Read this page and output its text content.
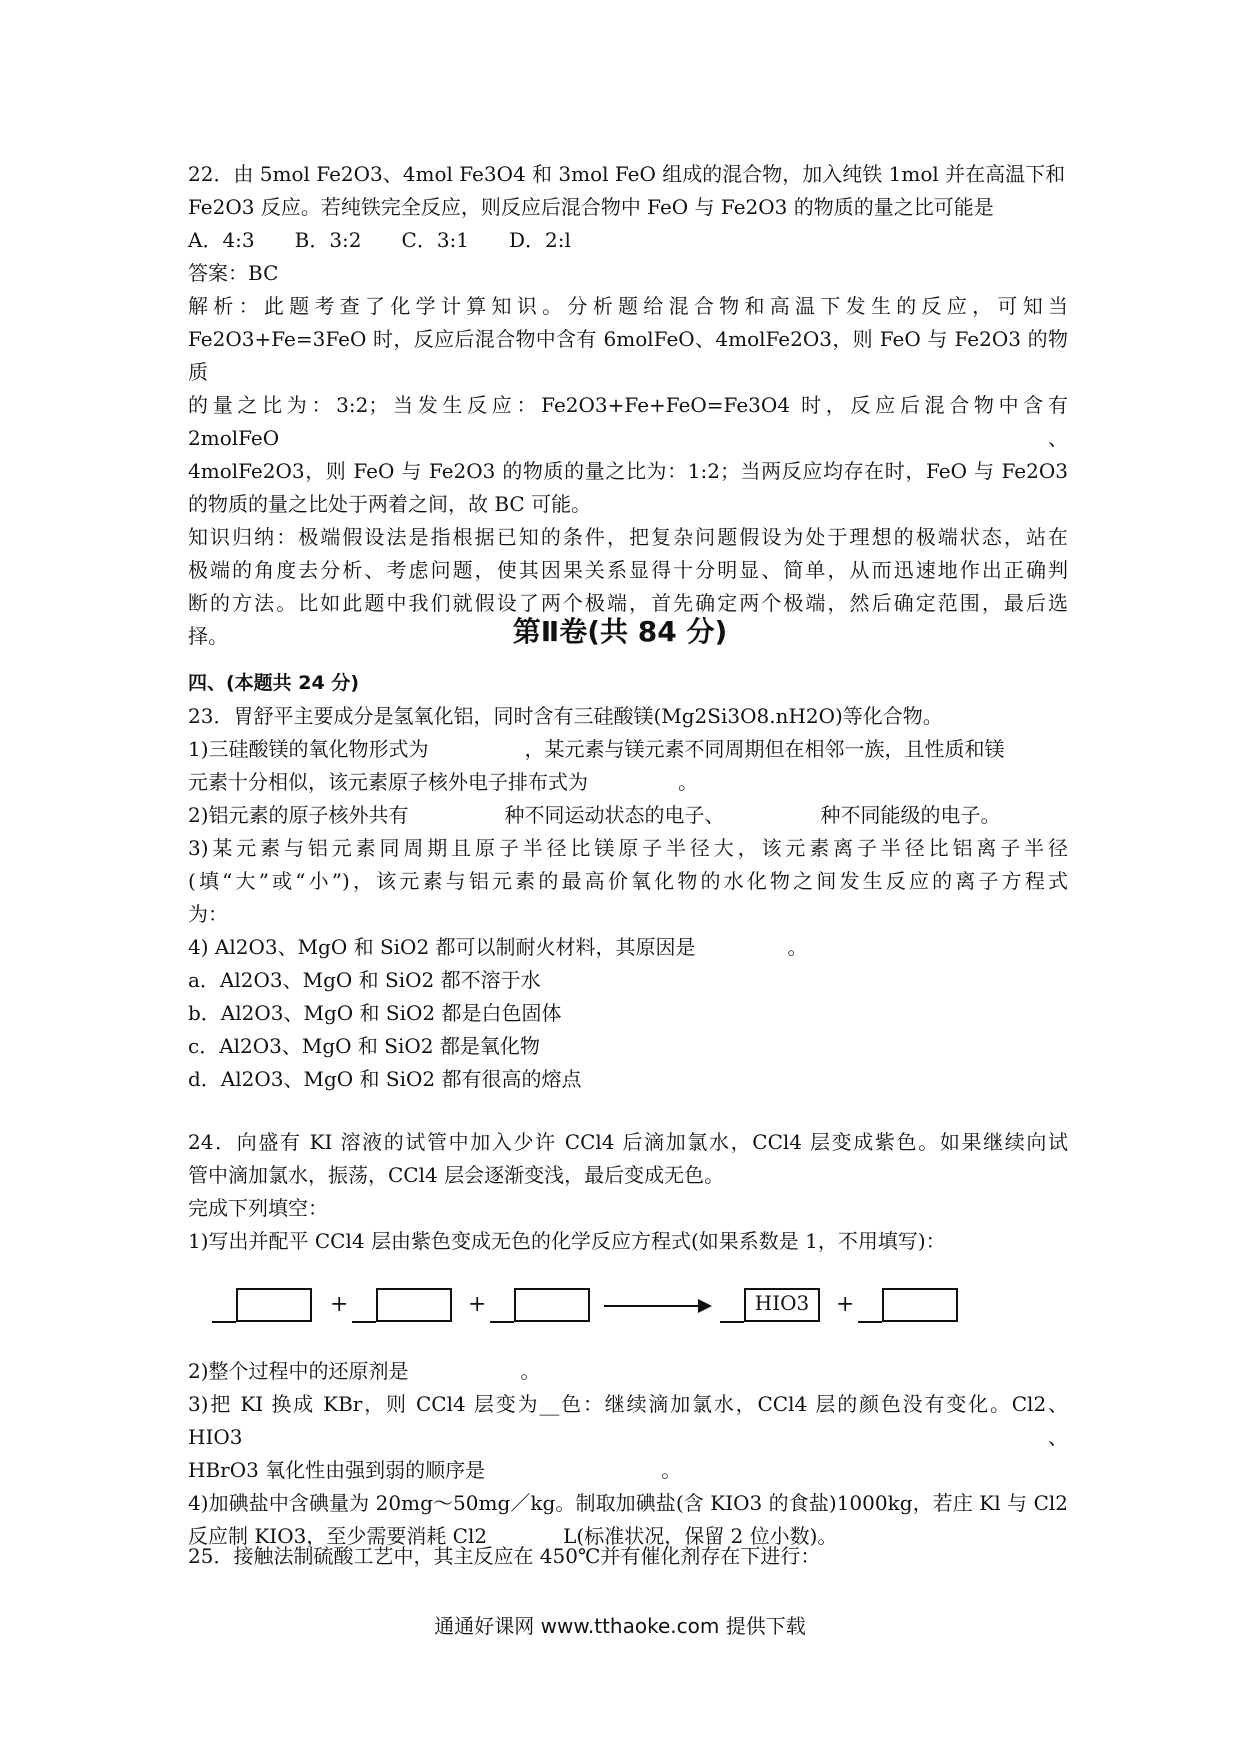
22．由 5mol Fe2O3、4mol Fe3O4 和 3mol FeO 组成的混合物，加入纯铁 1mol 并在高温下和
Fe2O3 反应。若纯铁完全反应，则反应后混合物中 FeO 与 Fe2O3 的物质的量之比可能是
A．4:3　　B．3:2　　C．3:1　　D．2:l
答案：BC
解析：此题考查了化学计算知识。分析题给混合物和高温下发生的反应，可知当
Fe2O3+Fe=3FeO 时，反应后混合物中含有 6molFeO、4molFe2O3，则 FeO 与 Fe2O3 的物质
的量之比为：3:2；当发生反应：Fe2O3+Fe+FeO=Fe3O4 时，反应后混合物中含有 2molFeO、
4molFe2O3，则 FeO 与 Fe2O3 的物质的量之比为：1:2；当两反应均存在时，FeO 与 Fe2O3
的物质的量之比处于两着之间，故 BC 可能。
知识归纳：极端假设法是指根据已知的条件，把复杂问题假设为处于理想的极端状态，站在
极端的角度去分析、考虑问题，使其因果关系显得十分明显、简单，从而迅速地作出正确判
断的方法。比如此题中我们就假设了两个极端，首先确定两个极端，然后确定范围，最后选
择。	第Ⅱ卷(共 84 分)
四、(本题共 24 分)
23．胃舒平主要成分是氢氧化铝，同时含有三硅酸镁(Mg2Si3O8.nH2O)等化合物。
1)三硅酸镁的氧化物形式为	，某元素与镁元素不同周期但在相邻一族，且性质和镁
元素十分相似，该元素原子核外电子排布式为	。
2)铝元素的原子核外共有	种不同运动状态的电子、	种不同能级的电子。
3)某元素与铝元素同周期且原子半径比镁原子半径大，该元素离子半径比铝离子半径
(填“大”或“小”)，该元素与铝元素的最高价氧化物的水化物之间发生反应的离子方程式
为：
4) Al2O3、MgO 和 SiO2 都可以制耐火材料，其原因是	。
a．Al2O3、MgO 和 SiO2 都不溶于水
b．Al2O3、MgO 和 SiO2 都是白色固体
c．Al2O3、MgO 和 SiO2 都是氧化物
d．Al2O3、MgO 和 SiO2 都有很高的熔点
24．向盛有 KI 溶液的试管中加入少许 CCl4 后滴加氯水，CCl4 层变成紫色。如果继续向试
管中滴加氯水，振荡，CCl4 层会逐渐变浅，最后变成无色。
完成下列填空：
1)写出并配平 CCl4 层由紫色变成无色的化学反应方程式(如果系数是 1，不用填写)：
+	+	HIO3	+
2)整个过程中的还原剂是	。
3)把 KI 换成 KBr，则 CCl4 层变为__色：继续滴加氯水，CCl4 层的颜色没有变化。Cl2、HIO3、
HBrO3 氧化性由强到弱的顺序是	。
4)加碘盐中含碘量为 20mg～50mg／kg。制取加碘盐(含 KIO3 的食盐)1000kg，若庄 Kl 与 Cl2
反应制 KIO3，至少需要消耗 Cl2	L(标准状况，保留 2 位小数)。
25．接触法制硫酸工艺中，其主反应在 450℃并有催化剂存在下进行：
通通好课网 www.tthaoke.com 提供下载
